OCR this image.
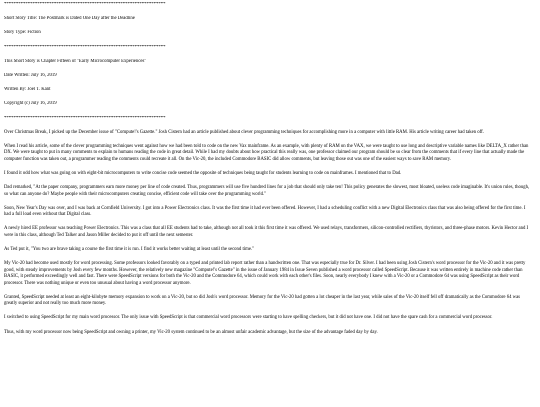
********************************************************************
Short Story Title: The Postmark is Dated One Day after the Deadline
Story Type: Fiction
********************************************************************
This Short Story is Chapter Fifteen of "Early Microcomputer Experiences"
Date Written: July 16, 2019
Written By: Joel T. Kant
Copyright (c) July 16, 2019
********************************************************************
Over Christmas Break, I picked up the December issue of "Compute!'s Gazette." Josh Cistern had an article published about clever programming techniques for accomplishing more in a computer with little RAM. His article writing career had taken off.
When I read his article, some of the clever programming techniques went against how we had been told to code on the new Vax mainframe. As an example, with plenty of RAM on the VAX, we were taught to use long and descriptive variable names like DELTA_X rather than DX. We were taught to put in many comments to explain to humans reading the code in great detail. While I had my doubts about how practical this really was, one professor claimed our program should be so clear from the comments that if every line that actually made the computer function was taken out, a programmer reading the comments could recreate it all. On the Vic-20, the included Commodore BASIC did allow comments, but leaving those out was one of the easiest ways to save RAM memory.
I found it odd how what was going on with eight-bit microcomputers to write concise code seemed the opposite of techniques being taught for students learning to code on mainframes. I mentioned that to Dad.
Dad remarked, "At the paper company, programmers earn more money per line of code created. Thus, programmers will use five hundred lines for a job that should only take ten! This policy generates the slowest, most bloated, useless code imaginable. It's union rules, though, so what can anyone do? Maybe people with their microcomputers creating concise, efficient code will take over the programming world."
Soon, New Year's Day was over, and I was back at Cornfield University. I got into a Power Electronics class. It was the first time it had ever been offered. However, I had a scheduling conflict with a new Digital Electronics class that was also being offered for the first time. I had a full load even without that Digital class.
A newly hired EE professor was teaching Power Electronics. This was a class that all EE students had to take, although not all took it this first time it was offered. We used relays, transformers, silicon-controlled rectifiers, thyristors, and three-phase motors. Kevin Hector and I were in this class, although Ted Talker and Jason Miller decided to put it off until the next semester.
As Ted put it, "You two are brave taking a course the first time it is run. I find it works better waiting at least until the second time."
My Vic-20 had become used mostly for word processing. Some professors looked favorably on a typed and printed lab report rather than a handwritten one. That was especially true for Dr. Silver. I had been using Josh Cistern's word processor for the Vic-20 and it was pretty good, with steady improvements by Josh every few months. However, the relatively new magazine "Compute!'s Gazette" in the issue of January 1984 in Issue Seven published a word processor called SpeedScript. Because it was written entirely in machine code rather than BASIC, it performed exceedingly well and fast. There were SpeedScript versions for both the Vic-20 and the Commodore 64, which could work with each other's files. Soon, nearly everybody I knew with a Vic-20 or a Commodore 64 was using SpeedScript as their word processor. There was nothing unique or even too unusual about having a word processor anymore.
Granted, SpeedScript needed at least an eight-kilobyte memory expansion to work on a Vic-20, but so did Josh's word processor. Memory for the Vic-20 had gotten a lot cheaper in the last year, while sales of the Vic-20 itself fell off dramatically as the Commodore 64 was greatly superior and not really too much more money.
I switched to using SpeedScript for my main word processor. The only issue with SpeedScript is that commercial word processors were starting to have spelling checkers, but it did not have one. I did not have the spare cash for a commercial word processor.
Thus, with my word processor now being SpeedScript and owning a printer, my Vic-20 system continued to be an almost unfair academic advantage, but the size of the advantage faded day by day.
